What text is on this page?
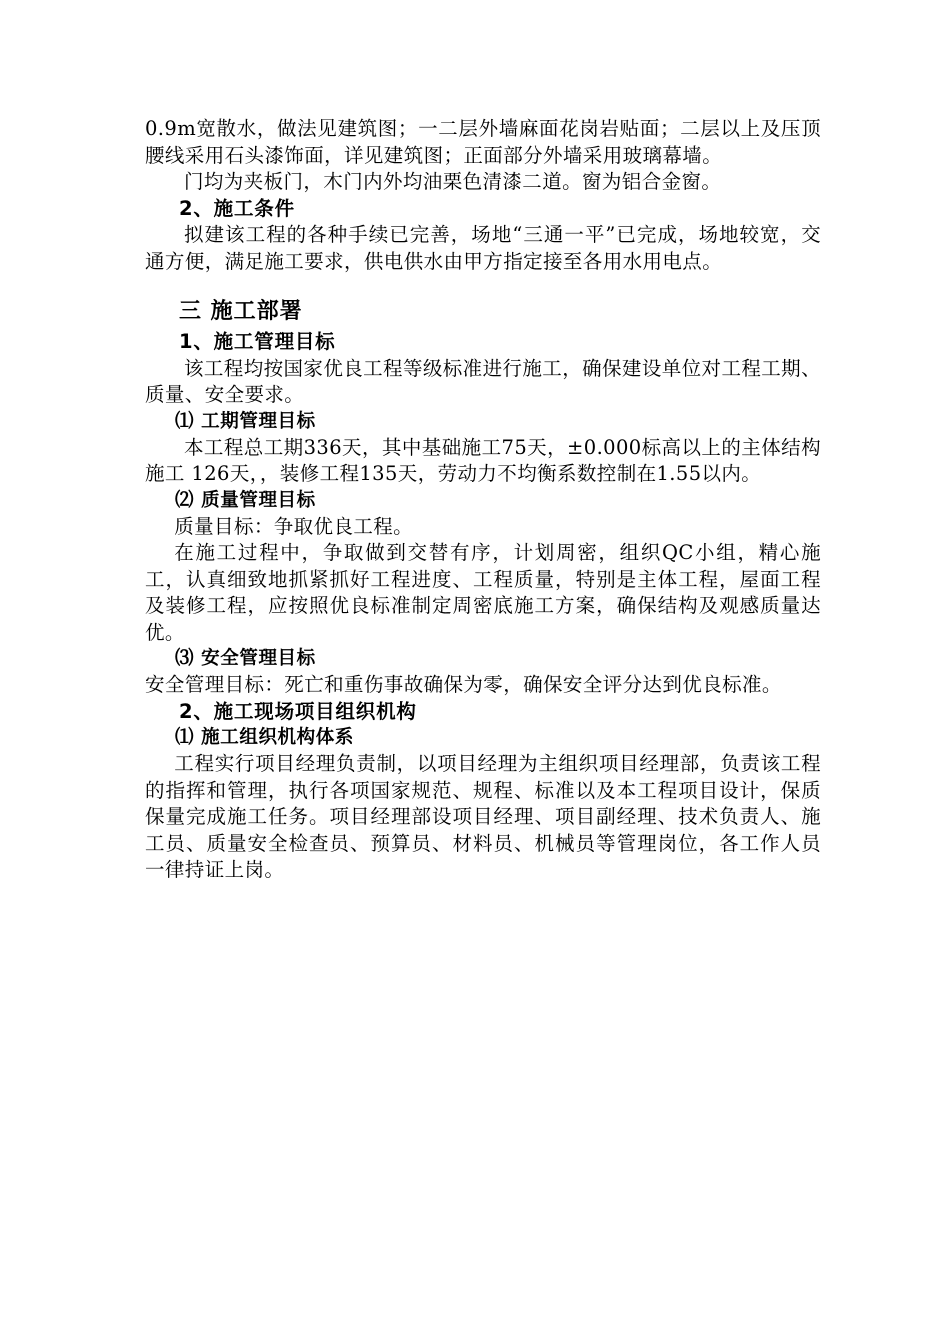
0.9m宽散水，做法见建筑图；一二层外墙麻面花岗岩贴面；二层以上及压顶腰线采用石头漆饰面，详见建筑图；正面部分外墙采用玻璃幕墙。

门均为夹板门，木门内外均油栗色清漆二道。窗为铝合金窗。

2、施工条件

拟建该工程的各种手续已完善，场地“三通一平”已完成，场地较宽，交通方便，满足施工要求，供电供水由甲方指定接至各用水用电点。

三 施工部署

1、施工管理目标

该工程均按国家优良工程等级标准进行施工，确保建设单位对工程工期、质量、安全要求。

⑴ 工期管理目标

本工程总工期336天，其中基础施工75天，±0.000标高以上的主体结构施工 126天，，装修工程135天，劳动力不均衡系数控制在1.55以内。

⑵ 质量管理目标

质量目标：争取优良工程。

在施工过程中，争取做到交替有序，计划周密，组织QC小组，精心施工，认真细致地抓紧抓好工程进度、工程质量，特别是主体工程，屋面工程及装修工程，应按照优良标准制定周密底施工方案，确保结构及观感质量达优。

⑶ 安全管理目标

安全管理目标：死亡和重伤事故确保为零，确保安全评分达到优良标准。

2、施工现场项目组织机构

⑴ 施工组织机构体系

工程实行项目经理负责制，以项目经理为主组织项目经理部，负责该工程的指挥和管理，执行各项国家规范、规程、标准以及本工程项目设计，保质保量完成施工任务。项目经理部设项目经理、项目副经理、技术负责人、施工员、质量安全检查员、预算员、材料员、机械员等管理岗位，各工作人员一律持证上岗。
